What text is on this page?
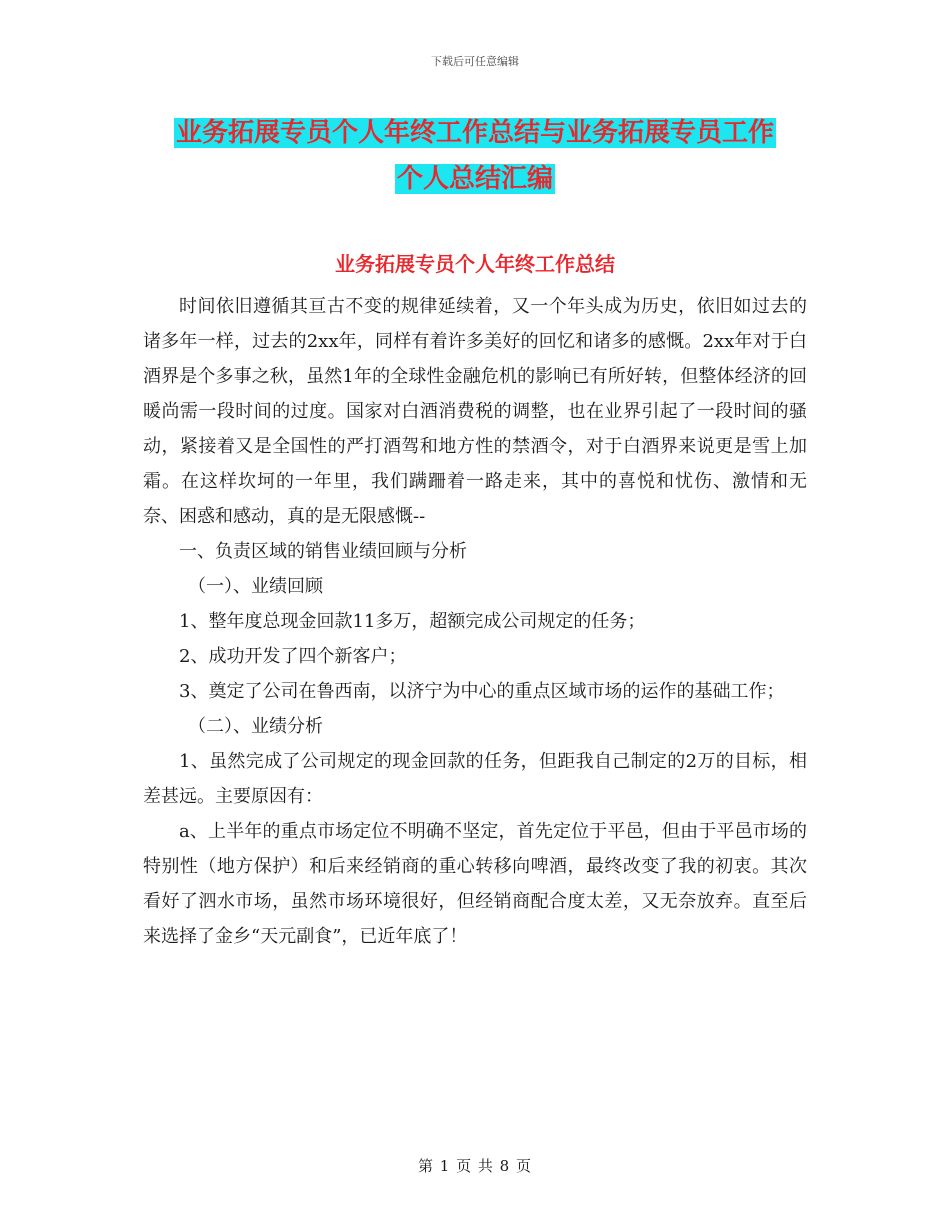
下载后可任意编辑
业务拓展专员个人年终工作总结与业务拓展专员工作
个人总结汇编
业务拓展专员个人年终工作总结

时间依旧遵循其亘古不变的规律延续着，又一个年头成为历史，依旧如过去的诸多年一样，过去的2xx年，同样有着许多美好的回忆和诸多的感慨。2xx年对于白酒界是个多事之秋，虽然1年的全球性金融危机的影响已有所好转，但整体经济的回暖尚需一段时间的过度。国家对白酒消费税的调整，也在业界引起了一段时间的骚动，紧接着又是全国性的严打酒驾和地方性的禁酒令，对于白酒界来说更是雪上加霜。在这样坎坷的一年里，我们蹒跚着一路走来，其中的喜悦和忧伤、激情和无奈、困惑和感动，真的是无限感慨--

一、负责区域的销售业绩回顾与分析

（一）、业绩回顾

1、整年度总现金回款11多万，超额完成公司规定的任务；

2、成功开发了四个新客户；

3、奠定了公司在鲁西南，以济宁为中心的重点区域市场的运作的基础工作；

（二）、业绩分析

1、虽然完成了公司规定的现金回款的任务，但距我自己制定的2万的目标，相差甚远。主要原因有：

a、上半年的重点市场定位不明确不坚定，首先定位于平邑，但由于平邑市场的特别性（地方保护）和后来经销商的重心转移向啤酒，最终改变了我的初衷。其次看好了泗水市场，虽然市场环境很好，但经销商配合度太差，又无奈放弃。直至后来选择了金乡“天元副食”，已近年底了！

第 1 页 共 8 页
